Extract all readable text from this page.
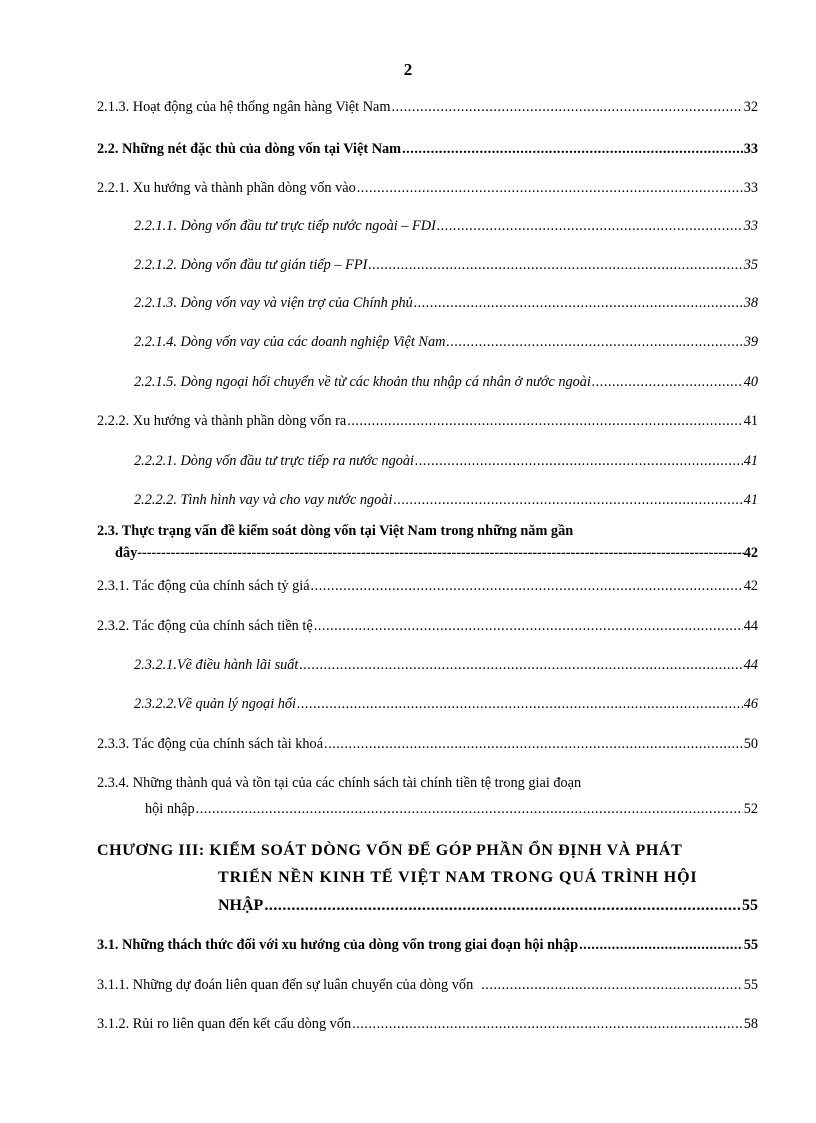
2
2.1.3. Hoạt động của hệ thống ngân hàng Việt Nam .....	32
2.2. Những nét đặc thù của dòng vốn tại Việt Nam .....	33
2.2.1. Xu hướng và thành phần dòng vốn vào .....	33
2.2.1.1. Dòng vốn đầu tư trực tiếp nước ngoài – FDI .....	33
2.2.1.2. Dòng vốn đầu tư gián tiếp – FPI .....	35
2.2.1.3. Dòng vốn vay và viện trợ của Chính phủ .....	38
2.2.1.4. Dòng vốn vay của các doanh nghiệp Việt Nam .....	39
2.2.1.5. Dòng ngoại hối chuyển về từ các khoản thu nhập cá nhân ở nước ngoài .....	40
2.2.2. Xu hướng và thành phần dòng vốn ra .....	41
2.2.2.1. Dòng vốn đầu tư trực tiếp ra nước ngoài .....	41
2.2.2.2. Tình hình vay và cho vay nước ngoài .....	41
2.3. Thực trạng vấn đề kiểm soát dòng vốn tại Việt Nam trong những năm gần
đây -----	42
2.3.1. Tác động của chính sách tỷ giá .....	42
2.3.2. Tác động của chính sách tiền tệ .....	44
2.3.2.1.Về điều hành lãi suất .....	44
2.3.2.2.Về quản lý ngoại hối .....	46
2.3.3. Tác động của chính sách tài khoá .....	50
2.3.4. Những thành quả và tồn tại của các chính sách tài chính tiền tệ trong giai đoạn
hội nhập .....	52
CHƯƠNG III: KIỂM SOÁT DÒNG VỐN ĐỂ GÓP PHẦN ỔN ĐỊNH VÀ PHÁT
TRIỂN NỀN KINH TẾ VIỆT NAM TRONG QUÁ TRÌNH HỘI
NHẬP .....	55
3.1. Những thách thức đối với xu hướng của dòng vốn trong giai đoạn hội nhập .....	55
3.1.1. Những dự đoán liên quan đến sự luân chuyển của dòng vốn .....	55
3.1.2. Rủi ro liên quan đến kết cấu dòng vốn .....	58
